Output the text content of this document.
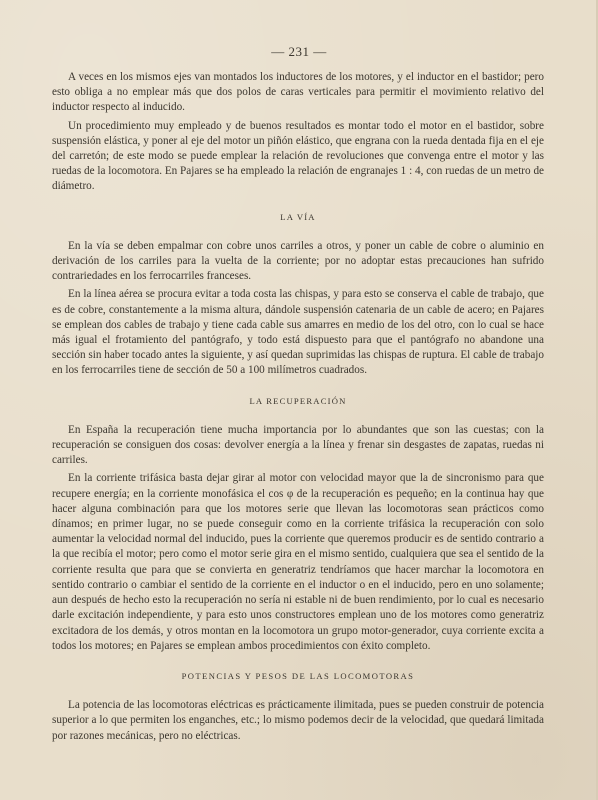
— 231 —

A veces en los mismos ejes van montados los inductores de los motores, y el inductor en el bastidor; pero esto obliga a no emplear más que dos polos de caras verticales para permitir el movimiento relativo del inductor respecto al inducido.

Un procedimiento muy empleado y de buenos resultados es montar todo el motor en el bastidor, sobre suspensión elástica, y poner al eje del motor un piñón elástico, que engrana con la rueda dentada fija en el eje del carretón; de este modo se puede emplear la relación de revoluciones que convenga entre el motor y las ruedas de la locomotora. En Pajares se ha empleado la relación de engranajes 1 : 4, con ruedas de un metro de diámetro.

LA VÍA

En la vía se deben empalmar con cobre unos carriles a otros, y poner un cable de cobre o aluminio en derivación de los carriles para la vuelta de la corriente; por no adoptar estas precauciones han sufrido contrariedades en los ferrocarriles franceses.

En la línea aérea se procura evitar a toda costa las chispas, y para esto se conserva el cable de trabajo, que es de cobre, constantemente a la misma altura, dándole suspensión catenaria de un cable de acero; en Pajares se emplean dos cables de trabajo y tiene cada cable sus amarres en medio de los del otro, con lo cual se hace más igual el frotamiento del pantógrafo, y todo está dispuesto para que el pantógrafo no abandone una sección sin haber tocado antes la siguiente, y así quedan suprimidas las chispas de ruptura. El cable de trabajo en los ferrocarriles tiene de sección de 50 a 100 milímetros cuadrados.

LA RECUPERACIÓN

En España la recuperación tiene mucha importancia por lo abundantes que son las cuestas; con la recuperación se consiguen dos cosas: devolver energía a la línea y frenar sin desgastes de zapatas, ruedas ni carriles.

En la corriente trifásica basta dejar girar al motor con velocidad mayor que la de sincronismo para que recupere energía; en la corriente monofásica el cos φ de la recuperación es pequeño; en la continua hay que hacer alguna combinación para que los motores serie que llevan las locomotoras sean prácticos como dínamos; en primer lugar, no se puede conseguir como en la corriente trifásica la recuperación con solo aumentar la velocidad normal del inducido, pues la corriente que queremos producir es de sentido contrario a la que recibía el motor; pero como el motor serie gira en el mismo sentido, cualquiera que sea el sentido de la corriente resulta que para que se convierta en generatriz tendríamos que hacer marchar la locomotora en sentido contrario o cambiar el sentido de la corriente en el inductor o en el inducido, pero en uno solamente; aun después de hecho esto la recuperación no sería ni estable ni de buen rendimiento, por lo cual es necesario darle excitación independiente, y para esto unos constructores emplean uno de los motores como generatriz excitadora de los demás, y otros montan en la locomotora un grupo motor-generador, cuya corriente excita a todos los motores; en Pajares se emplean ambos procedimientos con éxito completo.

POTENCIAS Y PESOS DE LAS LOCOMOTORAS

La potencia de las locomotoras eléctricas es prácticamente ilimitada, pues se pueden construir de potencia superior a lo que permiten los enganches, etc.; lo mismo podemos decir de la velocidad, que quedará limitada por razones mecánicas, pero no eléctricas.
